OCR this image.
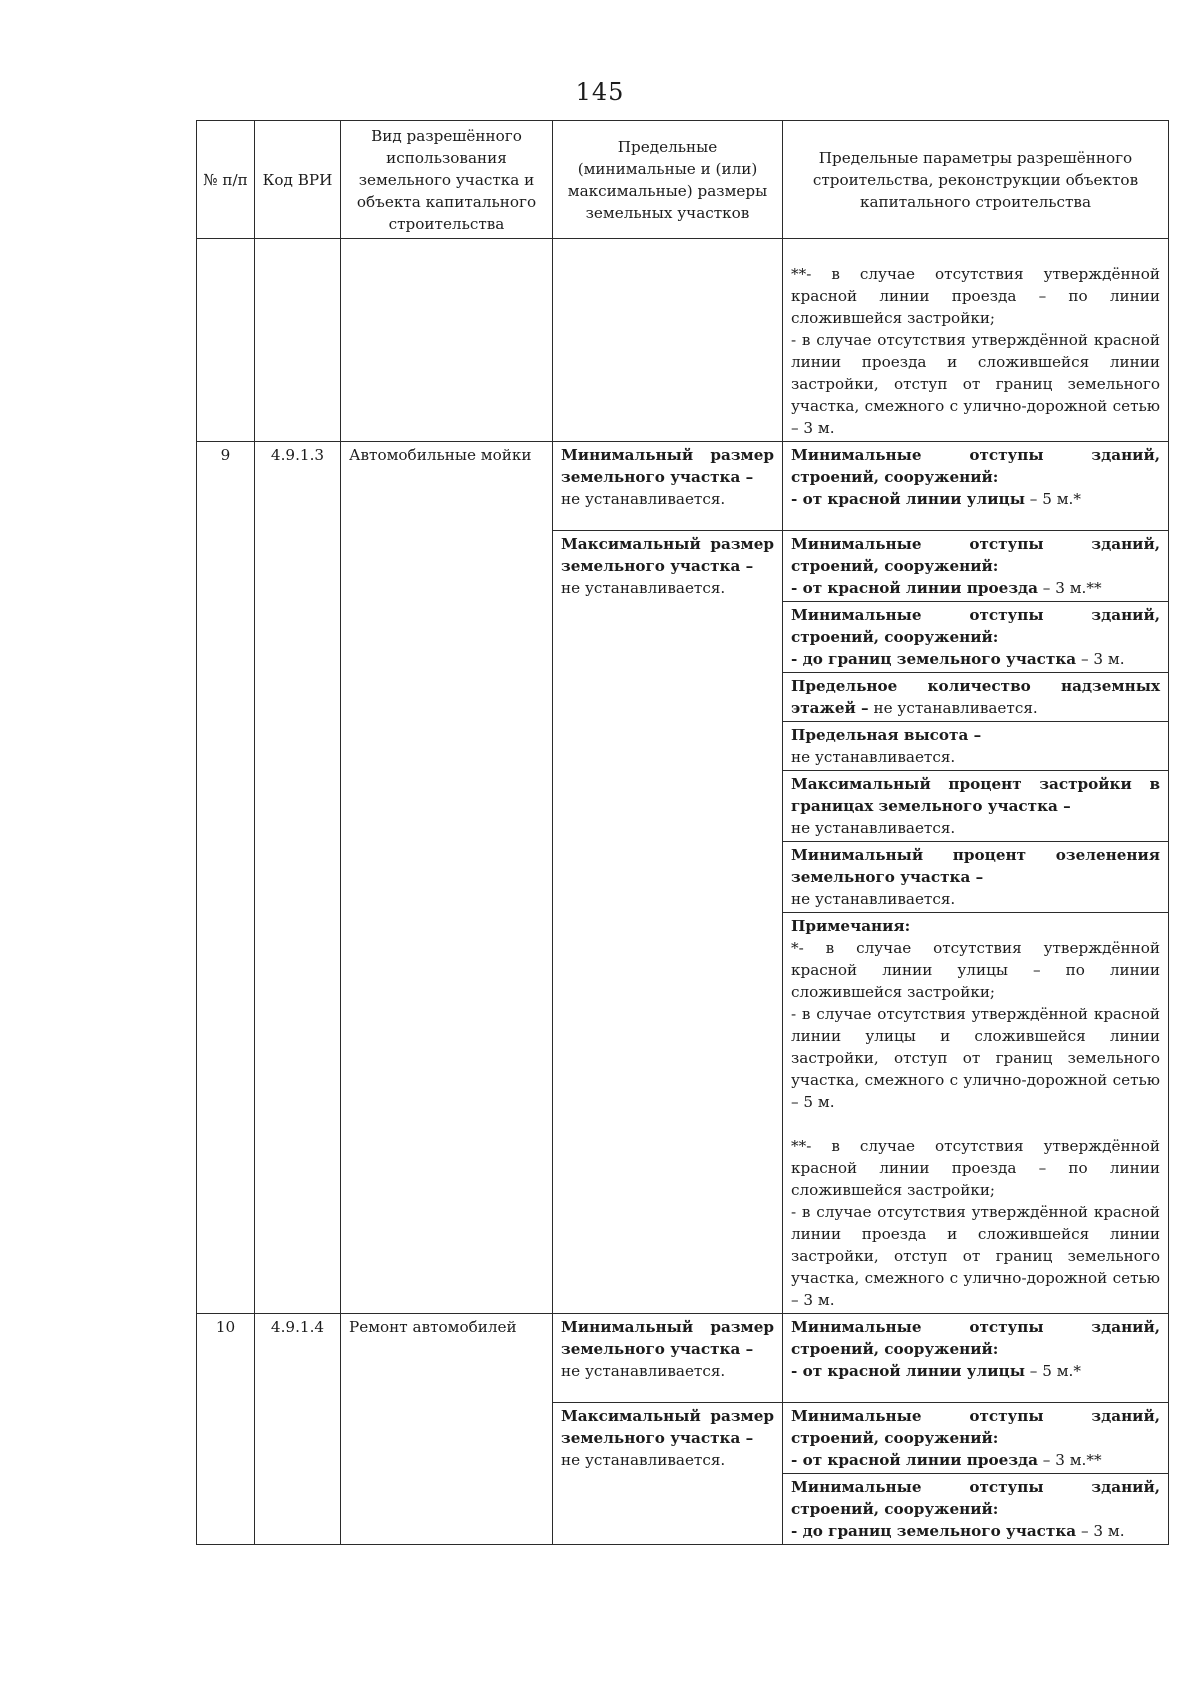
145
№ п/п	Код ВРИ	Вид разрешённого использования земельного участка и объекта капитального строительства	Предельные (минимальные и (или) максимальные) размеры земельных участков	Предельные параметры разрешённого строительства, реконструкции объектов капитального строительства

				**- в случае отсутствия утверждённой красной линии проезда – по линии сложившейся застройки;
- в случае отсутствия утверждённой красной линии проезда и сложившейся линии застройки, отступ от границ земельного участка, смежного с улично-дорожной сетью – 3 м.

9	4.9.1.3	Автомобильные мойки	Минимальный размер земельного участка –
не устанавливается.	Минимальные отступы зданий, строений, сооружений:
- от красной линии улицы – 5 м.*

			Максимальный размер земельного участка –
не устанавливается.	Минимальные отступы зданий, строений, сооружений:
- от красной линии проезда – 3 м.**

				Минимальные отступы зданий, строений, сооружений:
- до границ земельного участка – 3 м.

				Предельное количество надземных этажей – не устанавливается.

				Предельная высота –
не устанавливается.

				Максимальный процент застройки в границах земельного участка –
не устанавливается.

				Минимальный процент озеленения земельного участка –
не устанавливается.

				Примечания:
*- в случае отсутствия утверждённой красной линии улицы – по линии сложившейся застройки;
- в случае отсутствия утверждённой красной линии улицы и сложившейся линии застройки, отступ от границ земельного участка, смежного с улично-дорожной сетью – 5 м.
**- в случае отсутствия утверждённой красной линии проезда – по линии сложившейся застройки;
- в случае отсутствия утверждённой красной линии проезда и сложившейся линии застройки, отступ от границ земельного участка, смежного с улично-дорожной сетью – 3 м.

10	4.9.1.4	Ремонт автомобилей	Минимальный размер земельного участка –
не устанавливается.	Минимальные отступы зданий, строений, сооружений:
- от красной линии улицы – 5 м.*

			Максимальный размер земельного участка –
не устанавливается.	Минимальные отступы зданий, строений, сооружений:
- от красной линии проезда – 3 м.**

				Минимальные отступы зданий, строений, сооружений:
- до границ земельного участка – 3 м.
